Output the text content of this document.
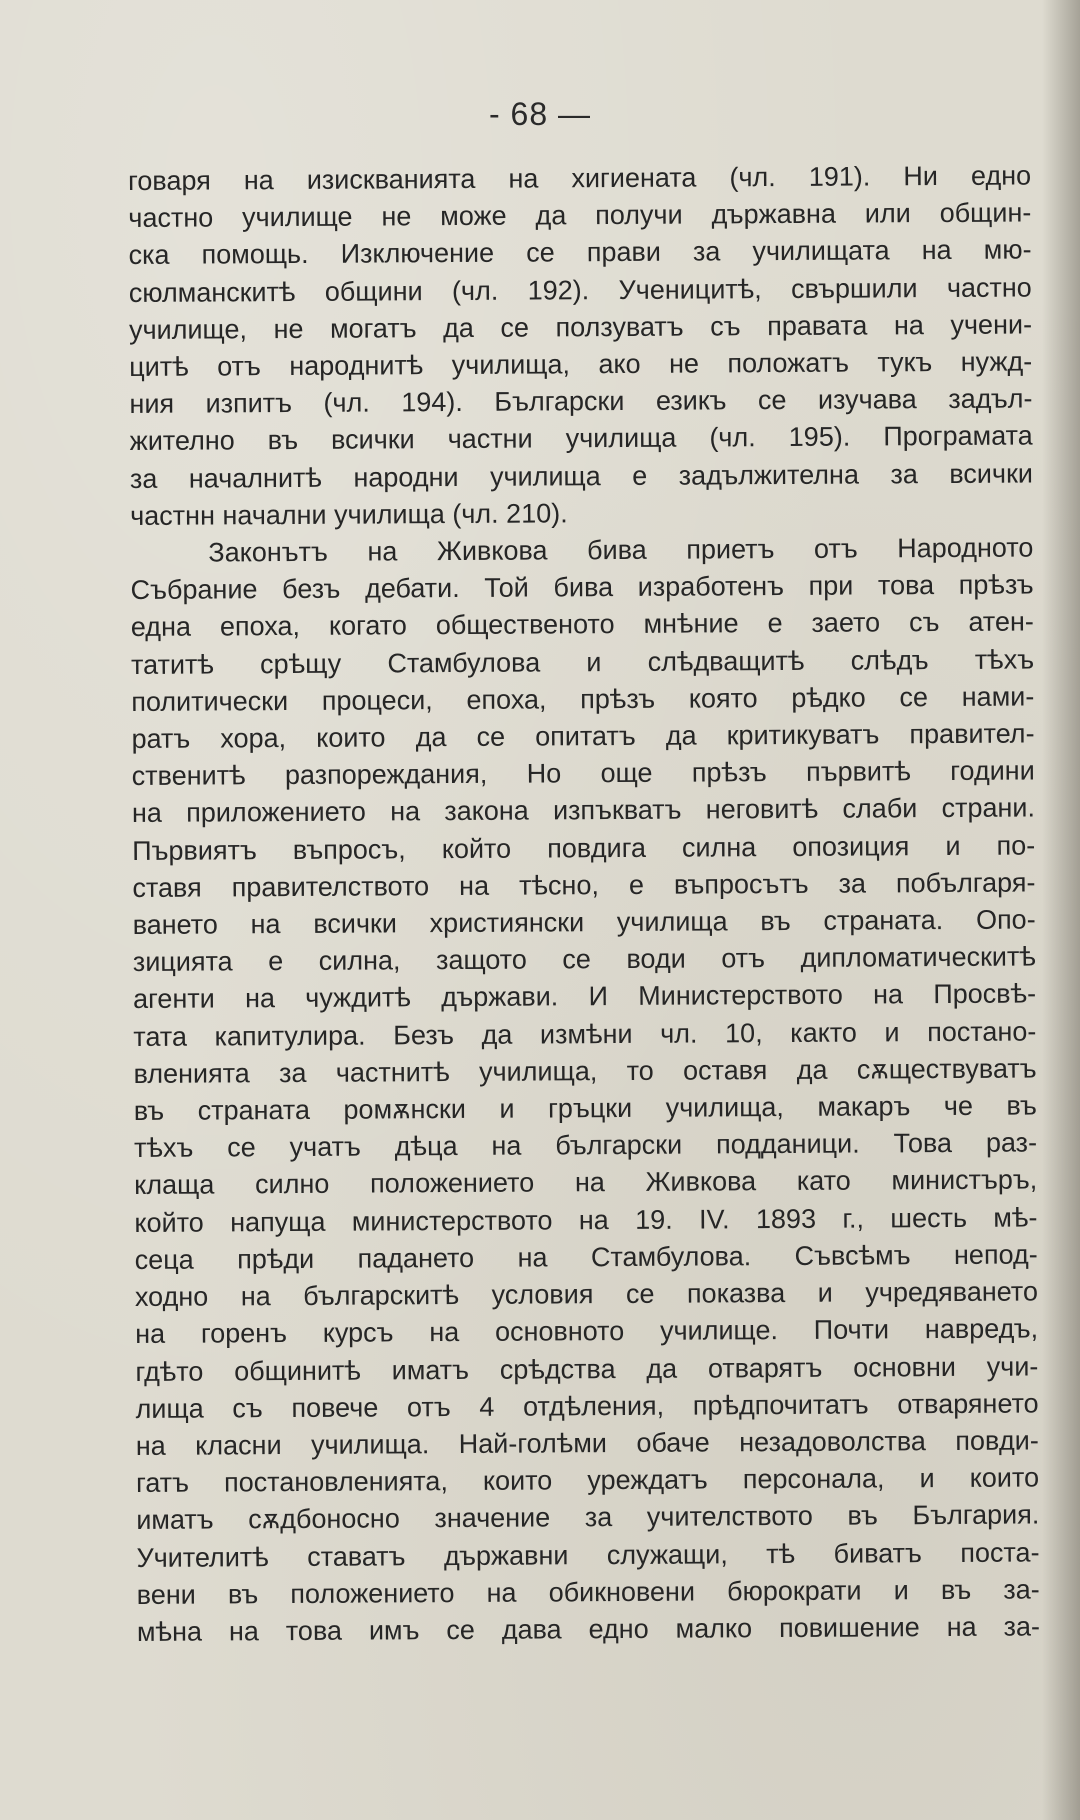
- 68 —
говаря на изискванията на хигиената (чл. 191). Ни едно
частно училище не може да получи държавна или общин-
ска помощь. Изключение се прави за училищата на мю-
сюлманскитѣ общини (чл. 192). Ученицитѣ, свършили частно
училище, не могатъ да се ползуватъ съ правата на учени-
цитѣ отъ народнитѣ училища, ако не положатъ тукъ нужд-
ния изпитъ (чл. 194). Български езикъ се изучава задъл-
жително въ всички частни училища (чл. 195). Програмата
за началнитѣ народни училища е задължителна за всички
частнн начални училища (чл. 210).
Законътъ на Живкова бива приетъ отъ Народното
Събрание безъ дебати. Той бива изработенъ при това прѣзъ
една епоха, когато общественото мнѣние е заето съ атен-
татитѣ срѣщу Стамбулова и слѣдващитѣ слѣдъ тѣхъ
политически процеси, епоха, прѣзъ която рѣдко се нами-
ратъ хора, които да се опитатъ да критикуватъ правител-
ственитѣ разпореждания, Но още прѣзъ първитѣ години
на приложението на закона изпъкватъ неговитѣ слаби страни.
Първиятъ въпросъ, който повдига силна опозиция и по-
ставя правителството на тѣсно, е въпросътъ за побългаря-
ването на всички християнски училища въ страната. Опо-
зицията е силна, защото се води отъ дипломатическитѣ
агенти на чуждитѣ държави. И Министерството на Просвѣ-
тата капитулира. Безъ да измѣни чл. 10, както и постано-
вленията за частнитѣ училища, то оставя да сѫществуватъ
въ страната ромѫнски и гръцки училища, макаръ че въ
тѣхъ се учатъ дѣца на български подданици. Това раз-
клаща силно положението на Живкова като министъръ,
който напуща министерството на 19. IV. 1893 г., шесть мѣ-
сеца прѣди падането на Стамбулова. Съвсѣмъ непод-
ходно на българскитѣ условия се показва и учредяването
на горенъ курсъ на основното училище. Почти навредъ,
гдѣто общинитѣ иматъ срѣдства да отварятъ основни учи-
лища съ повече отъ 4 отдѣления, прѣдпочитатъ отварянето
на класни училища. Най-голѣми обаче незадоволства повди-
гатъ постановленията, които уреждатъ персонала, и които
иматъ сѫдбоносно значение за учителството въ България.
Учителитѣ ставатъ държавни служащи, тѣ биватъ поста-
вени въ положението на обикновени бюрократи и въ за-
мѣна на това имъ се дава едно малко повишение на за-
